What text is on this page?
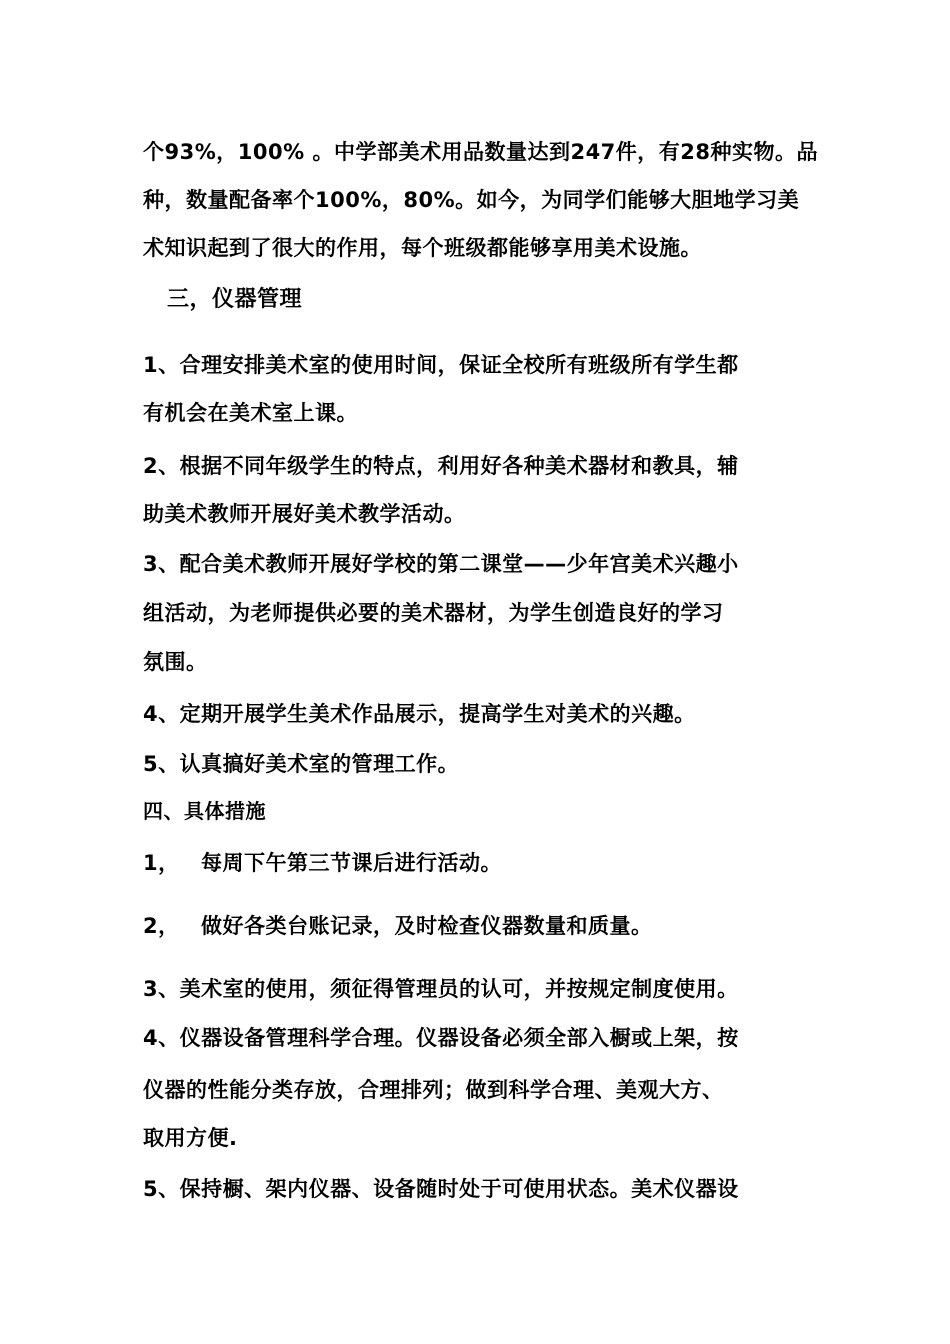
个93%，100% 。中学部美术用品数量达到247件，有28种实物。品
种，数量配备率个100%，80%。如今，为同学们能够大胆地学习美
术知识起到了很大的作用，每个班级都能够享用美术设施。
三，仪器管理
1、合理安排美术室的使用时间，保证全校所有班级所有学生都
有机会在美术室上课。
2、根据不同年级学生的特点，利用好各种美术器材和教具，辅
助美术教师开展好美术教学活动。
3、配合美术教师开展好学校的第二课堂——少年宫美术兴趣小
组活动，为老师提供必要的美术器材，为学生创造良好的学习
氛围。
4、定期开展学生美术作品展示，提高学生对美术的兴趣。
5、认真搞好美术室的管理工作。
四、具体措施
1， 每周下午第三节课后进行活动。
2， 做好各类台账记录，及时检查仪器数量和质量。
3、美术室的使用，须征得管理员的认可，并按规定制度使用。
4、仪器设备管理科学合理。仪器设备必须全部入橱或上架，按
仪器的性能分类存放，合理排列；做到科学合理、美观大方、
取用方便.
5、保持橱、架内仪器、设备随时处于可使用状态。美术仪器设
